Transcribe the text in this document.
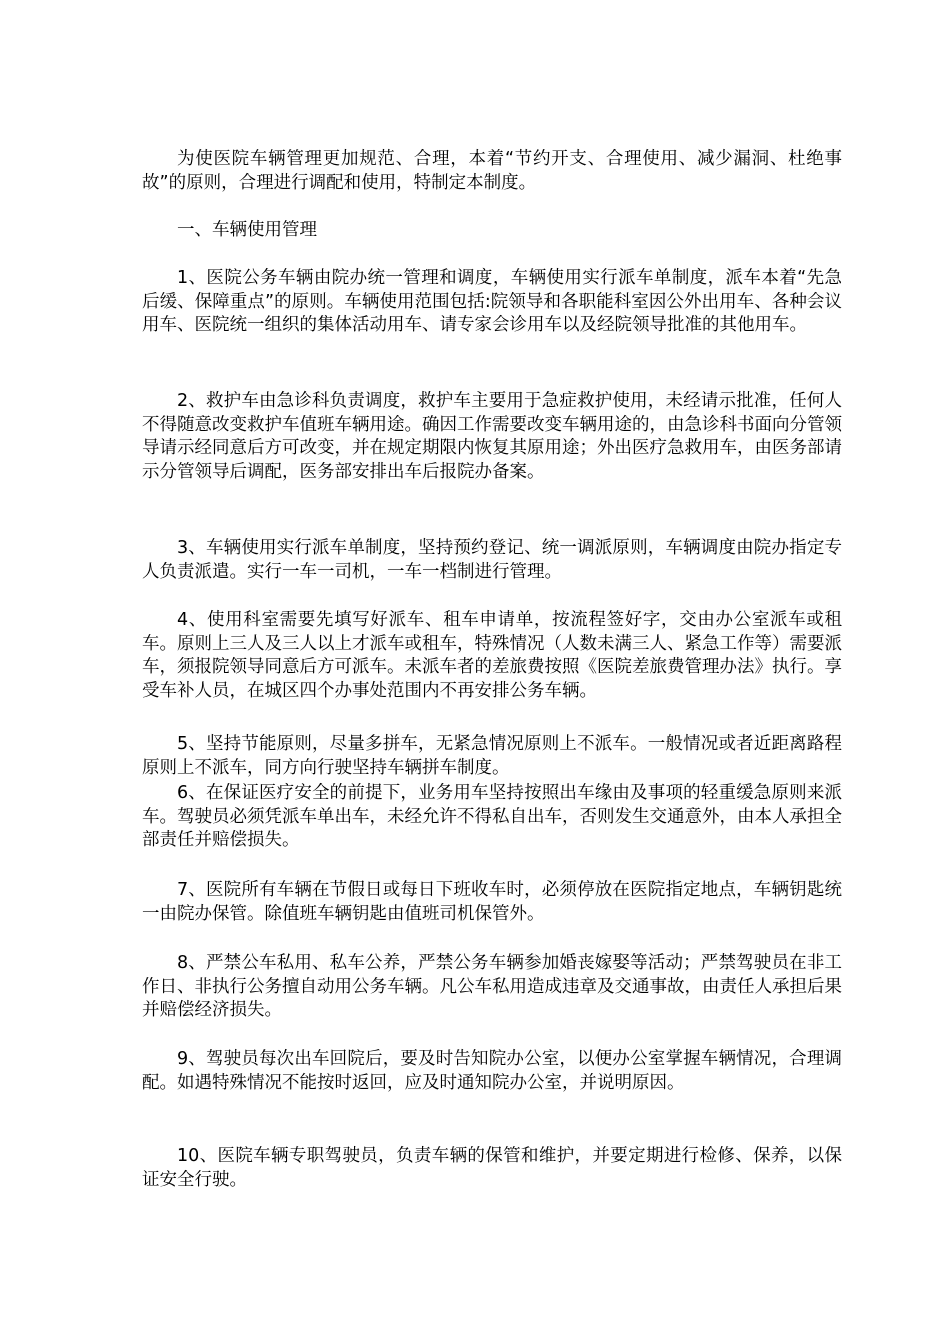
为使医院车辆管理更加规范、合理，本着“节约开支、合理使用、减少漏洞、杜绝事故”的原则，合理进行调配和使用，特制定本制度。

一、车辆使用管理

1、医院公务车辆由院办统一管理和调度，车辆使用实行派车单制度，派车本着“先急后缓、保障重点”的原则。车辆使用范围包括:院领导和各职能科室因公外出用车、各种会议用车、医院统一组织的集体活动用车、请专家会诊用车以及经院领导批准的其他用车。

2、救护车由急诊科负责调度，救护车主要用于急症救护使用，未经请示批准，任何人不得随意改变救护车值班车辆用途。确因工作需要改变车辆用途的，由急诊科书面向分管领导请示经同意后方可改变，并在规定期限内恢复其原用途；外出医疗急救用车，由医务部请示分管领导后调配，医务部安排出车后报院办备案。

3、车辆使用实行派车单制度，坚持预约登记、统一调派原则，车辆调度由院办指定专人负责派遣。实行一车一司机，一车一档制进行管理。

4、使用科室需要先填写好派车、租车申请单，按流程签好字，交由办公室派车或租车。原则上三人及三人以上才派车或租车，特殊情况（人数未满三人、紧急工作等）需要派车，须报院领导同意后方可派车。未派车者的差旅费按照《医院差旅费管理办法》执行。享受车补人员，在城区四个办事处范围内不再安排公务车辆。

5、坚持节能原则，尽量多拼车，无紧急情况原则上不派车。一般情况或者近距离路程原则上不派车，同方向行驶坚持车辆拼车制度。

6、在保证医疗安全的前提下，业务用车坚持按照出车缘由及事项的轻重缓急原则来派车。驾驶员必须凭派车单出车，未经允许不得私自出车，否则发生交通意外，由本人承担全部责任并赔偿损失。

7、医院所有车辆在节假日或每日下班收车时，必须停放在医院指定地点，车辆钥匙统一由院办保管。除值班车辆钥匙由值班司机保管外。

8、严禁公车私用、私车公养，严禁公务车辆参加婚丧嫁娶等活动；严禁驾驶员在非工作日、非执行公务擅自动用公务车辆。凡公车私用造成违章及交通事故，由责任人承担后果并赔偿经济损失。

9、驾驶员每次出车回院后，要及时告知院办公室，以便办公室掌握车辆情况，合理调配。如遇特殊情况不能按时返回，应及时通知院办公室，并说明原因。

10、医院车辆专职驾驶员，负责车辆的保管和维护，并要定期进行检修、保养，以保证安全行驶。
